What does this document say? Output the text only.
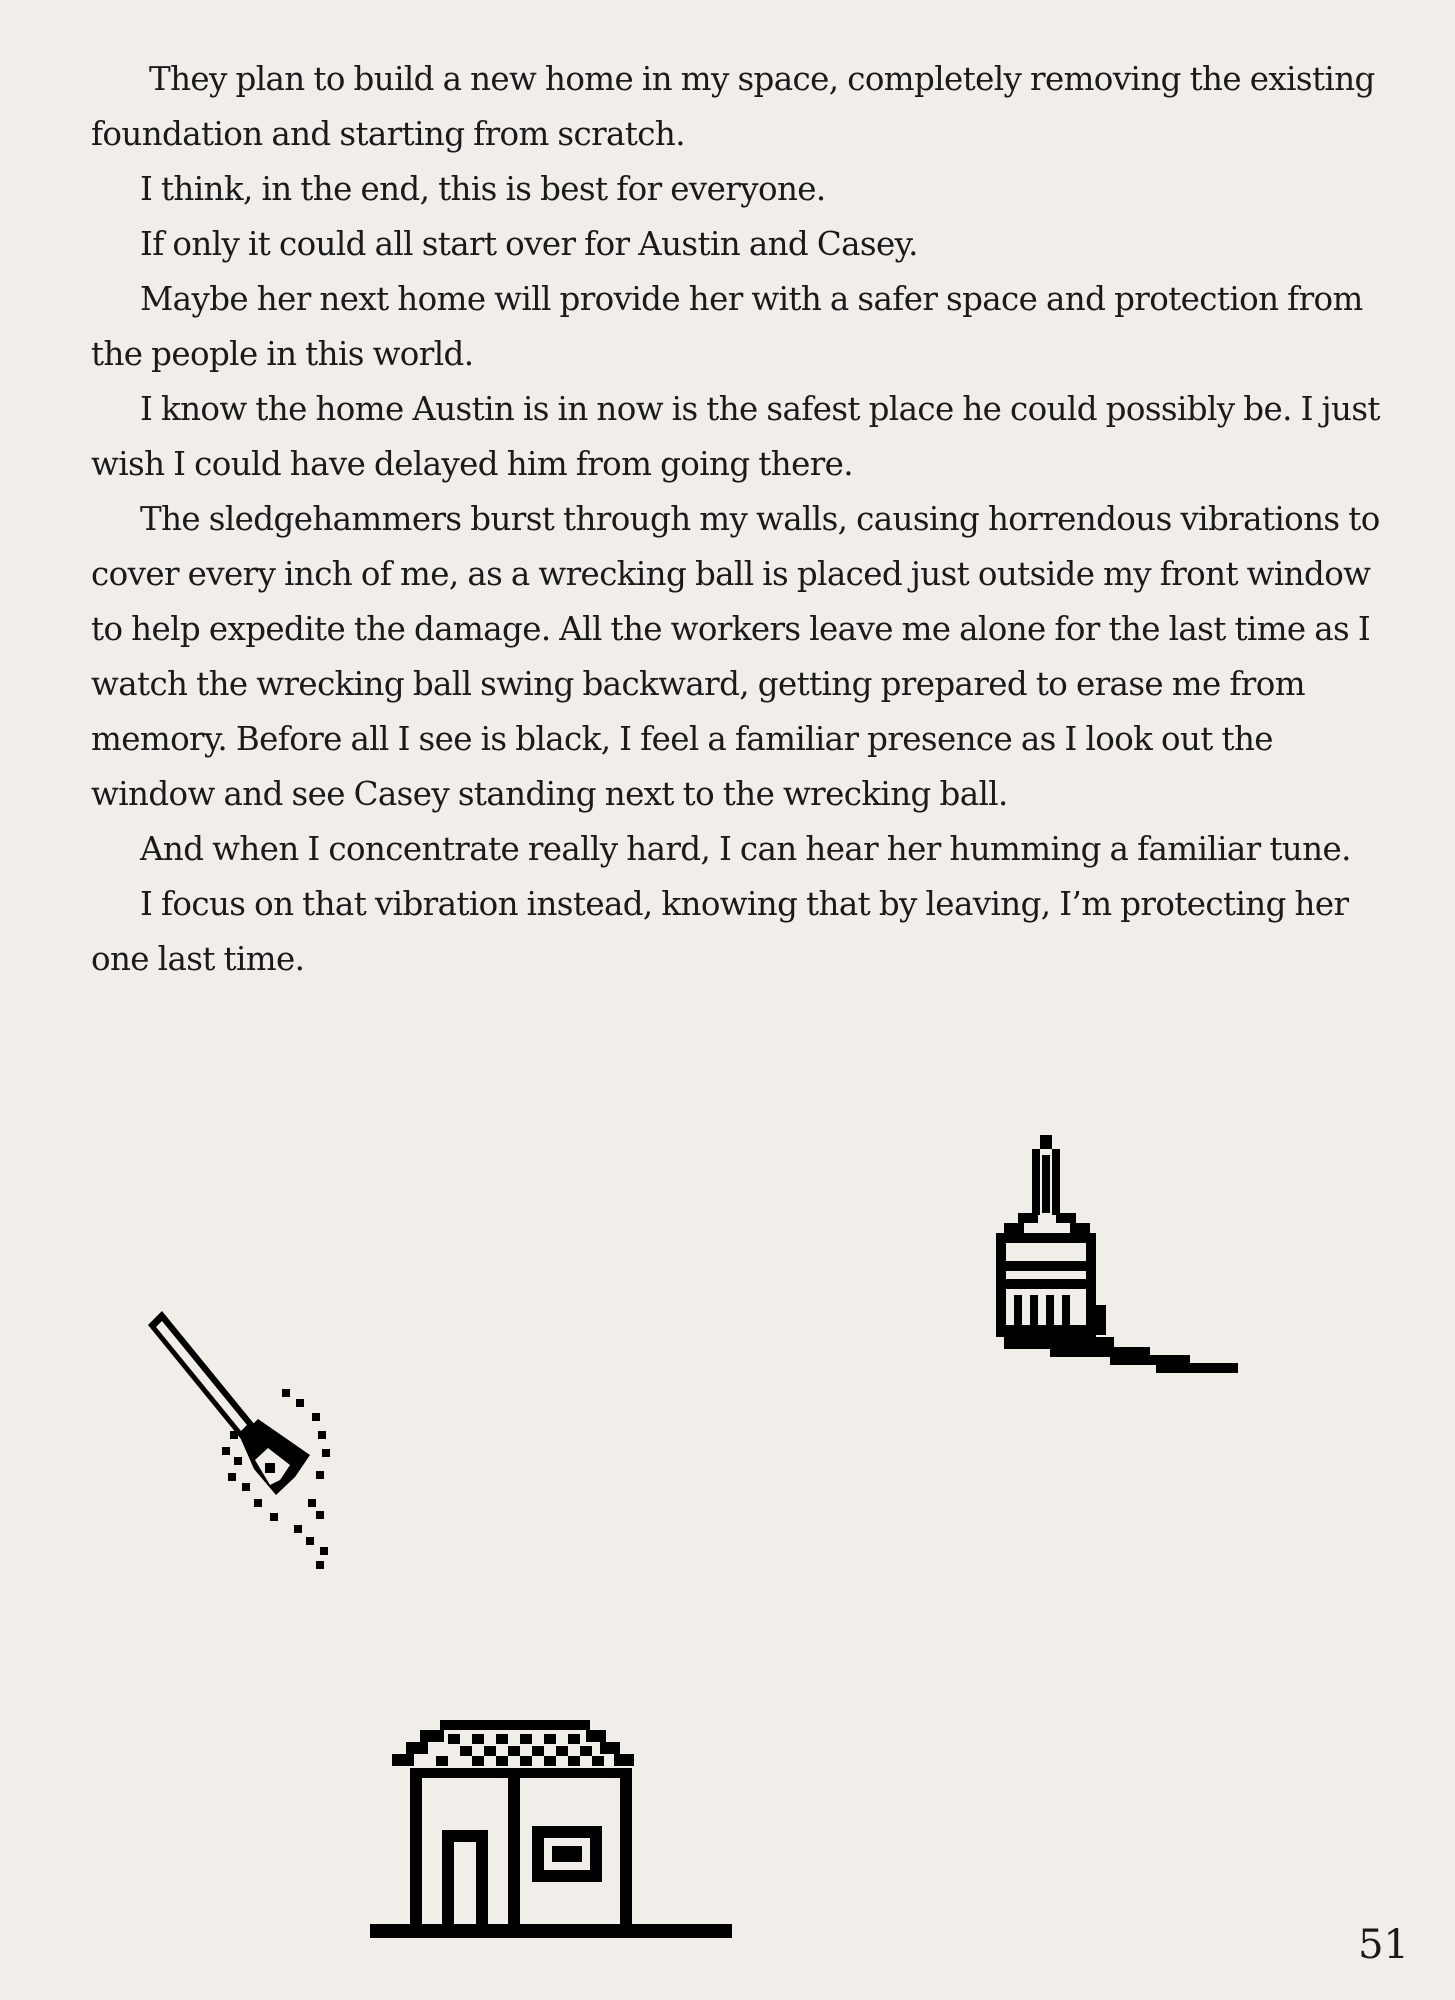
They plan to build a new home in my space, completely removing the existing foundation and starting from scratch.

I think, in the end, this is best for everyone.

If only it could all start over for Austin and Casey.

Maybe her next home will provide her with a safer space and protection from the people in this world.

I know the home Austin is in now is the safest place he could possibly be. I just wish I could have delayed him from going there.

The sledgehammers burst through my walls, causing horrendous vibrations to cover every inch of me, as a wrecking ball is placed just outside my front window to help expedite the damage. All the workers leave me alone for the last time as I watch the wrecking ball swing backward, getting prepared to erase me from memory. Before all I see is black, I feel a familiar presence as I look out the window and see Casey standing next to the wrecking ball.

And when I concentrate really hard, I can hear her humming a familiar tune.

I focus on that vibration instead, knowing that by leaving, I’m protecting her one last time.

51
